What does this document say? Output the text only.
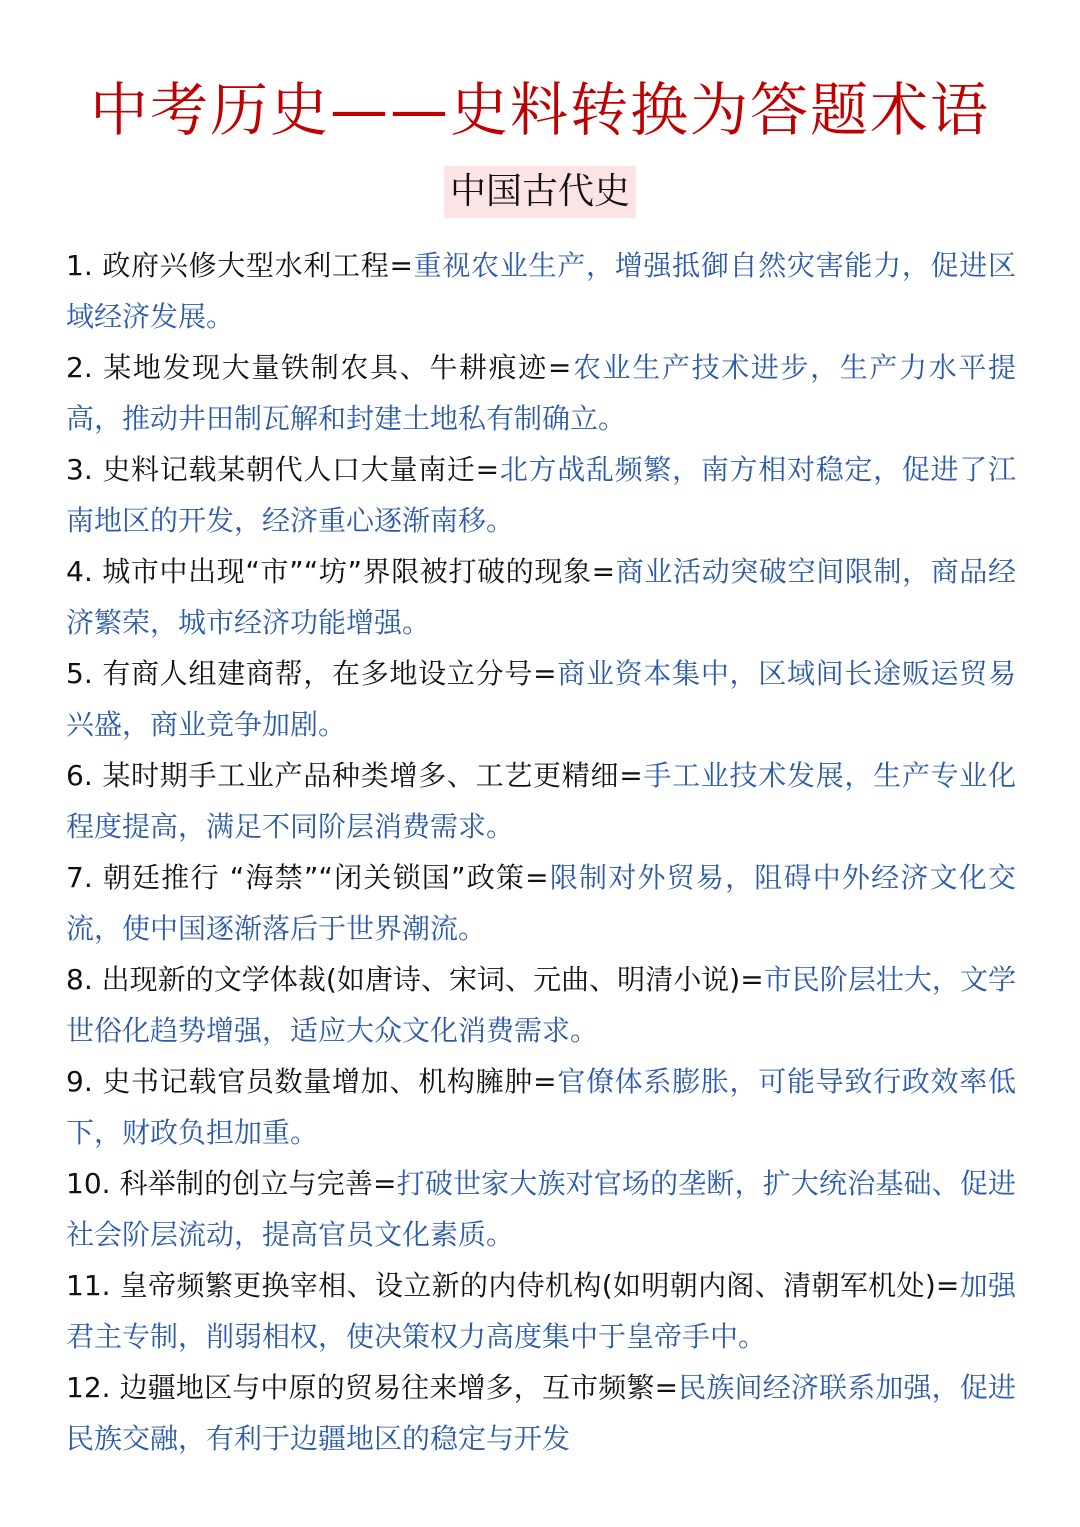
中考历史——史料转换为答题术语
中国古代史
1. 政府兴修大型水利工程=重视农业生产，增强抵御自然灾害能力，促进区域经济发展。
2. 某地发现大量铁制农具、牛耕痕迹=农业生产技术进步，生产力水平提高，推动井田制瓦解和封建土地私有制确立。
3. 史料记载某朝代人口大量南迁=北方战乱频繁，南方相对稳定，促进了江南地区的开发，经济重心逐渐南移。
4. 城市中出现“市”“坊”界限被打破的现象=商业活动突破空间限制，商品经济繁荣，城市经济功能增强。
5. 有商人组建商帮，在多地设立分号=商业资本集中，区域间长途贩运贸易兴盛，商业竞争加剧。
6. 某时期手工业产品种类增多、工艺更精细=手工业技术发展，生产专业化程度提高，满足不同阶层消费需求。
7. 朝廷推行 “海禁”“闭关锁国”政策=限制对外贸易，阻碍中外经济文化交流，使中国逐渐落后于世界潮流。
8. 出现新的文学体裁(如唐诗、宋词、元曲、明清小说)=市民阶层壮大，文学世俗化趋势增强，适应大众文化消费需求。
9. 史书记载官员数量增加、机构臃肿=官僚体系膨胀，可能导致行政效率低下，财政负担加重。
10. 科举制的创立与完善=打破世家大族对官场的垄断，扩大统治基础、促进社会阶层流动，提高官员文化素质。
11. 皇帝频繁更换宰相、设立新的内侍机构(如明朝内阁、清朝军机处)=加强君主专制，削弱相权，使决策权力高度集中于皇帝手中。
12. 边疆地区与中原的贸易往来增多，互市频繁=民族间经济联系加强，促进民族交融，有利于边疆地区的稳定与开发
